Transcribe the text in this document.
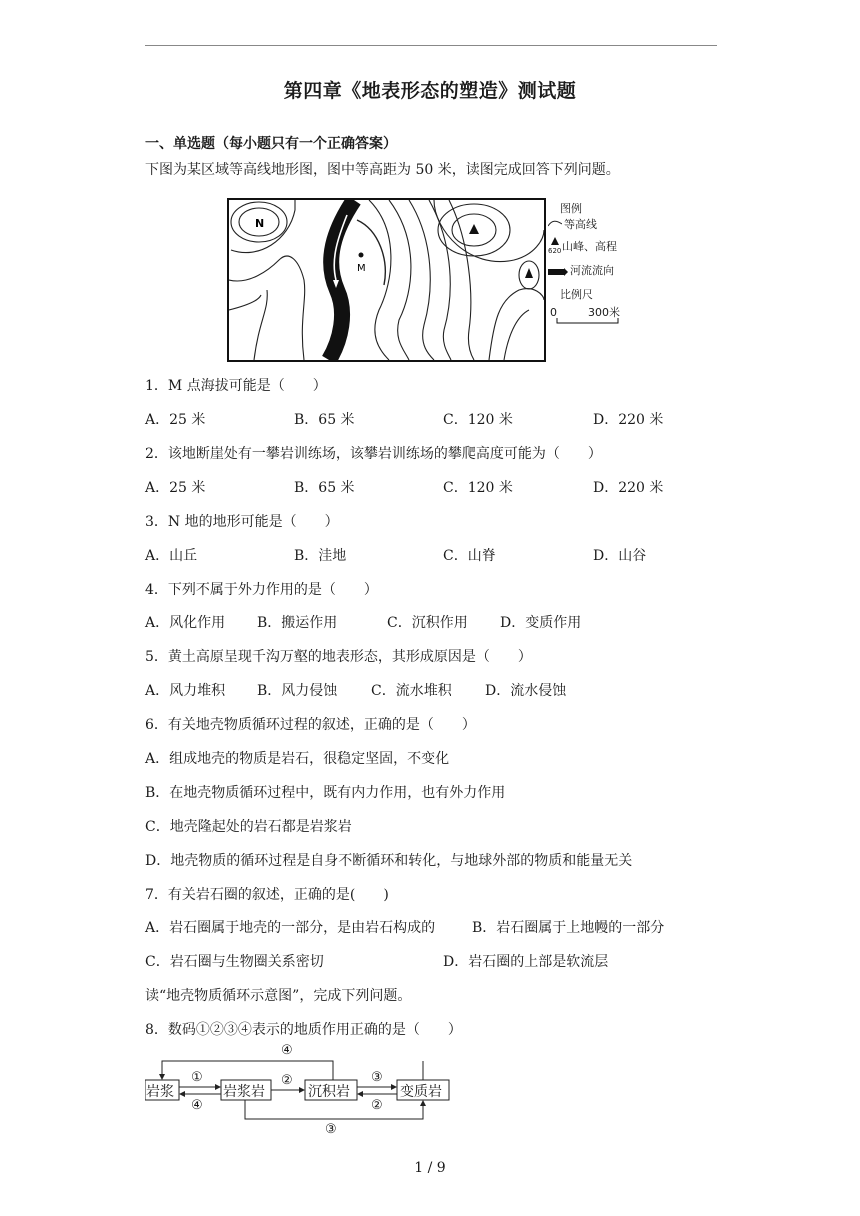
第四章《地表形态的塑造》测试题
一、单选题（每小题只有一个正确答案）
下图为某区域等高线地形图，图中等高距为 50 米，读图完成回答下列问题。
N
M
图例
等高线
620 山峰、高程
河流流向
比例尺
0	300米
1．M 点海拔可能是（　　）
A．25 米	B．65 米	C．120 米	D．220 米
2．该地断崖处有一攀岩训练场，该攀岩训练场的攀爬高度可能为（　　）
A．25 米	B．65 米	C．120 米	D．220 米
3．N 地的地形可能是（　　）
A．山丘	B．洼地	C．山脊	D．山谷
4．下列不属于外力作用的是（　　）
A．风化作用 B．搬运作用	C．沉积作用 D．变质作用
5．黄土高原呈现千沟万壑的地表形态，其形成原因是（　　）
A．风力堆积 B．风力侵蚀 C．流水堆积 D．流水侵蚀
6．有关地壳物质循环过程的叙述，正确的是（　　）
A．组成地壳的物质是岩石，很稳定坚固，不变化
B．在地壳物质循环过程中，既有内力作用，也有外力作用
C．地壳隆起处的岩石都是岩浆岩
D．地壳物质的循环过程是自身不断循环和转化，与地球外部的物质和能量无关
7．有关岩石圈的叙述，正确的是(　　)
A．岩石圈属于地壳的一部分，是由岩石构成的	B．岩石圈属于上地幔的一部分
C．岩石圈与生物圈关系密切	D．岩石圈的上部是软流层
读“地壳物质循环示意图”，完成下列问题。
8．数码①②③④表示的地质作用正确的是（　　）
岩浆	岩浆岩	沉积岩	变质岩
④
①
④
②	③
②
③
1 / 9
